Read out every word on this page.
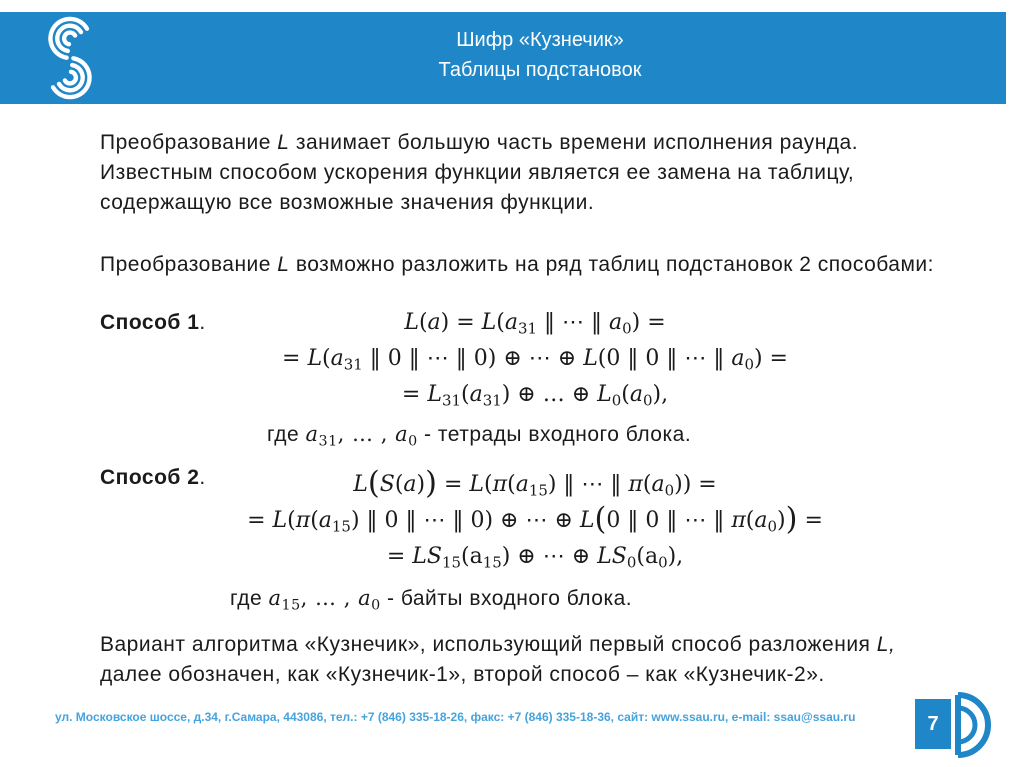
Шифр «Кузнечик»
Таблицы подстановок
Преобразование L занимает большую часть времени исполнения раунда.
Известным способом ускорения функции является ее замена на таблицу,
содержащую все возможные значения функции.
Преобразование L возможно разложить на ряд таблиц подстановок 2 способами:
Способ 1.	$L(a) = L(a_{31}$ ‖ ⋯ ‖ $a_0$) =
= $L(a_{31}$ ‖ 0 ‖ ⋯ ‖ 0) ⊕ ⋯ ⊕ L(0 ‖ 0 ‖ ⋯ ‖ $a_0$) =
= $L_{31}(a_{31})$ ⊕ … ⊕ $L_0(a_0)$,
где $a_{31}$, … , $a_0$ - тетрады входного блока.
Способ 2.	$L(S(a)) = L(\pi(a_{15})$ ‖ ⋯ ‖ $\pi(a_0)$) =
= $L(\pi(a_{15})$ ‖ 0 ‖ ⋯ ‖ 0) ⊕ ⋯ ⊕ L(0 ‖ 0 ‖ ⋯ ‖ $\pi(a_0)$) =
= $LS_{15}(a_{15})$ ⊕ ⋯ ⊕ $LS_0(a_0)$,
где $a_{15}$, … , $a_0$ - байты входного блока.
Вариант алгоритма «Кузнечик», использующий первый способ разложения L,
далее обозначен, как «Кузнечик-1», второй способ – как «Кузнечик-2».
ул. Московское шоссе, д.34, г.Самара, 443086, тел.: +7 (846) 335-18-26, факс: +7 (846) 335-18-36, сайт: www.ssau.ru, e-mail: ssau@ssau.ru	7
